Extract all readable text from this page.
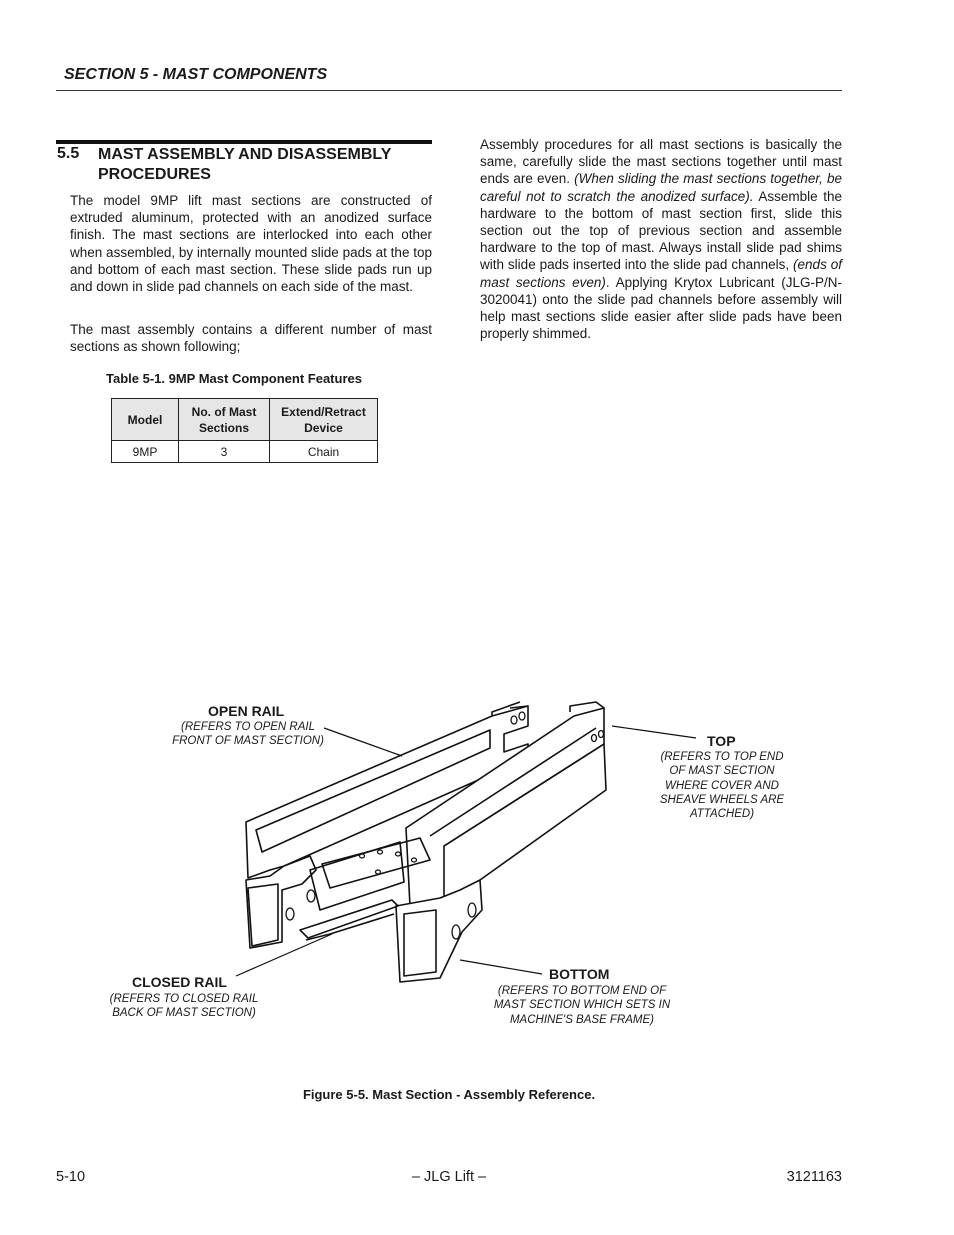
SECTION 5 - MAST COMPONENTS
5.5 MAST ASSEMBLY AND DISASSEMBLY PROCEDURES

The model 9MP lift mast sections are constructed of extruded aluminum, protected with an anodized surface finish. The mast sections are interlocked into each other when assembled, by internally mounted slide pads at the top and bottom of each mast section. These slide pads run up and down in slide pad channels on each side of the mast.

The mast assembly contains a different number of mast sections as shown following;

Assembly procedures for all mast sections is basically the same, carefully slide the mast sections together until mast ends are even. (When sliding the mast sections together, be careful not to scratch the anodized surface). Assemble the hardware to the bottom of mast section first, slide this section out the top of previous section and assemble hardware to the top of mast. Always install slide pad shims with slide pads inserted into the slide pad channels, (ends of mast sections even). Applying Krytox Lubricant (JLG-P/N- 3020041) onto the slide pad channels before assembly will help mast sections slide easier after slide pads have been properly shimmed.

Table 5-1. 9MP Mast Component Features
Model	No. of Mast Sections	Extend/Retract Device
9MP	3	Chain
OPEN RAIL
(REFERS TO OPEN RAIL FRONT OF MAST SECTION)	TOP
(REFERS TO TOP END OF MAST SECTION WHERE COVER AND SHEAVE WHEELS ARE ATTACHED)
CLOSED RAIL
(REFERS TO CLOSED RAIL BACK OF MAST SECTION)
BOTTOM
(REFERS TO BOTTOM END OF MAST SECTION WHICH SETS IN MACHINE'S BASE FRAME)
Figure 5-5. Mast Section - Assembly Reference.
5-10	– JLG Lift –	3121163
